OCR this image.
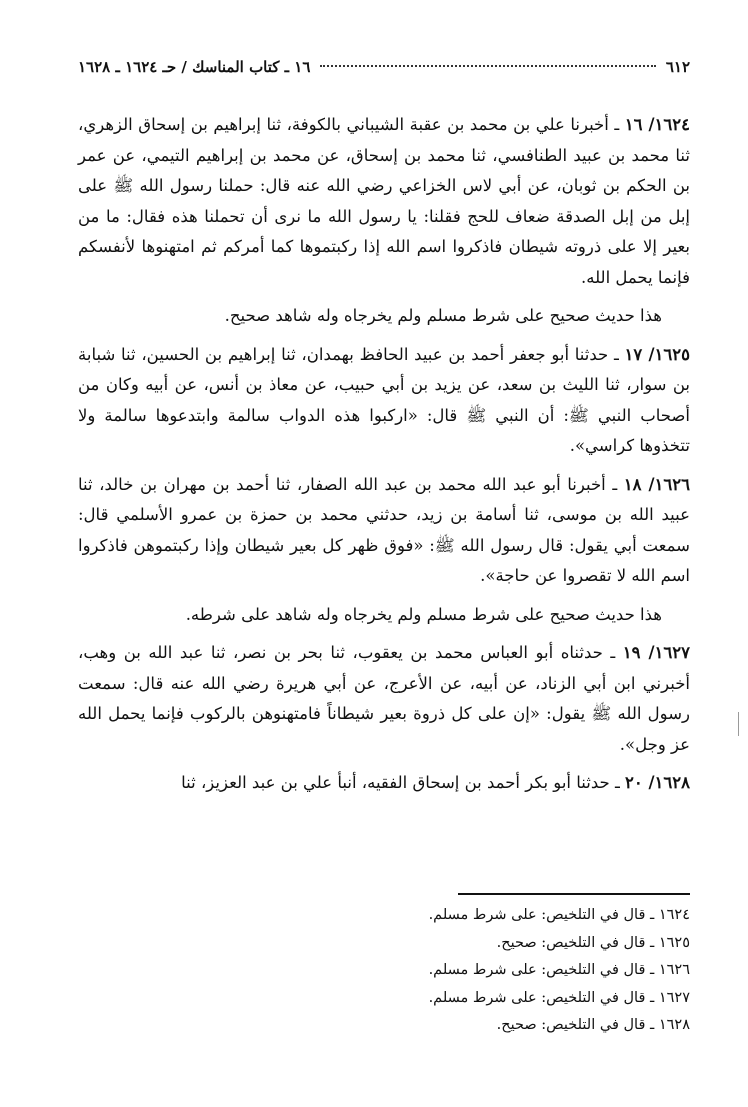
٦١٢
١٦ ـ كتاب المناسك / حـ ١٦٢٤ ـ ١٦٢٨

١٦٢٤/ ١٦ ـ أخبرنا علي بن محمد بن عقبة الشيباني بالكوفة، ثنا إبراهيم بن إسحاق الزهري، ثنا محمد بن عبيد الطنافسي، ثنا محمد بن إسحاق، عن محمد بن إبراهيم التيمي، عن عمر بن الحكم بن ثوبان، عن أبي لاس الخزاعي رضي الله عنه قال: حملنا رسول الله ﷺ على إبل من إبل الصدقة ضعاف للحج فقلنا: يا رسول الله ما نرى أن تحملنا هذه فقال: ما من بعير إلا على ذروته شيطان فاذكروا اسم الله إذا ركبتموها كما أمركم ثم امتهنوها لأنفسكم فإنما يحمل الله.

هذا حديث صحيح على شرط مسلم ولم يخرجاه وله شاهد صحيح.

١٦٢٥/ ١٧ ـ حدثنا أبو جعفر أحمد بن عبيد الحافظ بهمدان، ثنا إبراهيم بن الحسين، ثنا شبابة بن سوار، ثنا الليث بن سعد، عن يزيد بن أبي حبيب، عن معاذ بن أنس، عن أبيه وكان من أصحاب النبي ﷺ: أن النبي ﷺ قال: «اركبوا هذه الدواب سالمة وابتدعوها سالمة ولا تتخذوها كراسي».

١٦٢٦/ ١٨ ـ أخبرنا أبو عبد الله محمد بن عبد الله الصفار، ثنا أحمد بن مهران بن خالد، ثنا عبيد الله بن موسى، ثنا أسامة بن زيد، حدثني محمد بن حمزة بن عمرو الأسلمي قال: سمعت أبي يقول: قال رسول الله ﷺ: «فوق ظهر كل بعير شيطان وإذا ركبتموهن فاذكروا اسم الله لا تقصروا عن حاجة».

هذا حديث صحيح على شرط مسلم ولم يخرجاه وله شاهد على شرطه.

١٦٢٧/ ١٩ ـ حدثناه أبو العباس محمد بن يعقوب، ثنا بحر بن نصر، ثنا عبد الله بن وهب، أخبرني ابن أبي الزناد، عن أبيه، عن الأعرج، عن أبي هريرة رضي الله عنه قال: سمعت رسول الله ﷺ يقول: «إن على كل ذروة بعير شيطاناً فامتهنوهن بالركوب فإنما يحمل الله عز وجل».

١٦٢٨/ ٢٠ ـ حدثنا أبو بكر أحمد بن إسحاق الفقيه، أنبأ علي بن عبد العزيز، ثنا

١٦٢٤ ـ قال في التلخيص: على شرط مسلم.
١٦٢٥ ـ قال في التلخيص: صحيح.
١٦٢٦ ـ قال في التلخيص: على شرط مسلم.
١٦٢٧ ـ قال في التلخيص: على شرط مسلم.
١٦٢٨ ـ قال في التلخيص: صحيح.
